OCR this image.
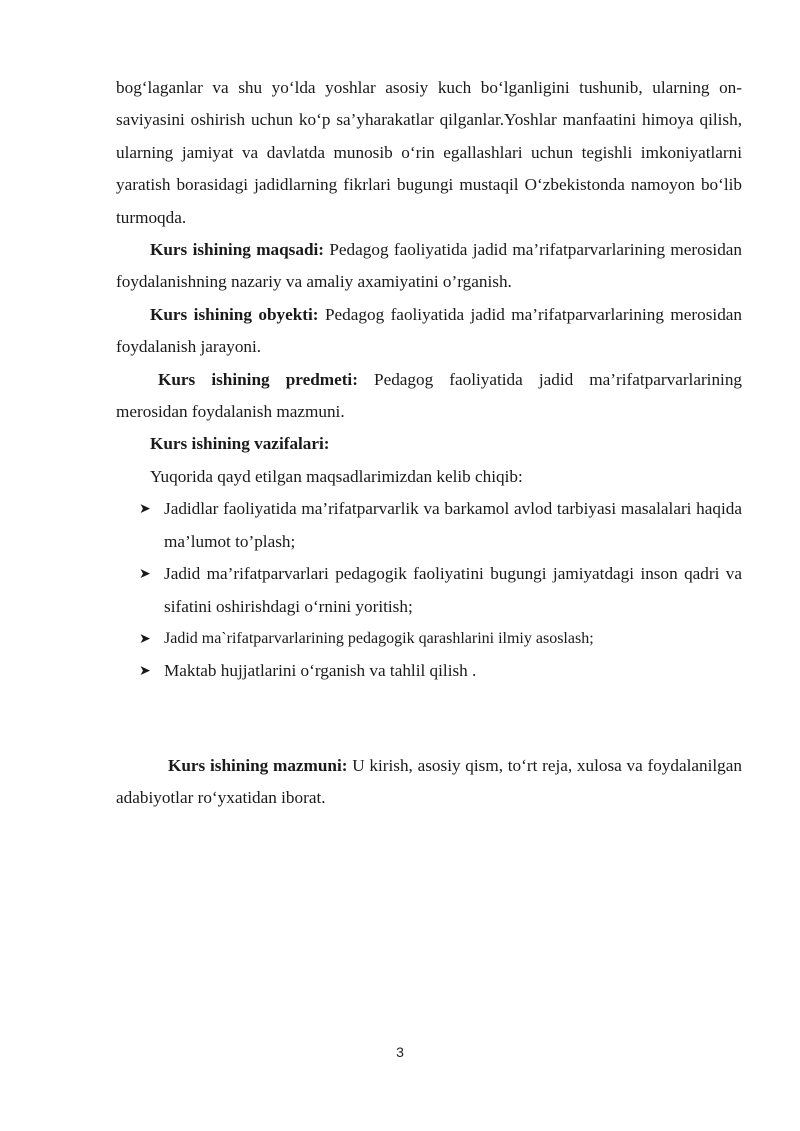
bog‘laganlar va shu yo‘lda yoshlar asosiy kuch bo‘lganligini tushunib, ularning on-saviyasini oshirish uchun ko‘p sa’yharakatlar qilganlar.Yoshlar manfaatini himoya qilish, ularning jamiyat va davlatda munosib o‘rin egallashlari uchun tegishli imkoniyatlarni yaratish borasidagi jadidlarning fikrlari bugungi mustaqil O‘zbekistonda namoyon bo‘lib turmoqda.

Kurs ishining maqsadi: Pedagog faoliyatida jadid ma’rifatparvarlarining merosidan foydalanishning nazariy va amaliy axamiyatini o’rganish.

Kurs ishining obyekti: Pedagog faoliyatida jadid ma’rifatparvarlarining merosidan foydalanish jarayoni.

Kurs ishining predmeti: Pedagog faoliyatida jadid ma’rifatparvarlarining merosidan foydalanish mazmuni.

Kurs ishining vazifalari:

Yuqorida qayd etilgan maqsadlarimizdan kelib chiqib:

➤ Jadidlar faoliyatida ma’rifatparvarlik va barkamol avlod tarbiyasi masalalari haqida ma’lumot to’plash;
➤ Jadid ma’rifatparvarlari pedagogik faoliyatini bugungi jamiyatdagi inson qadri va sifatini oshirishdagi o‘rnini yoritish;
➤ Jadid ma`rifatparvarlarining pedagogik qarashlarini ilmiy asoslash;
➤ Maktab hujjatlarini o‘rganish va tahlil qilish .

Kurs ishining mazmuni: U kirish, asosiy qism, to‘rt reja, xulosa va foydalanilgan adabiyotlar ro‘yxatidan iborat.

3
